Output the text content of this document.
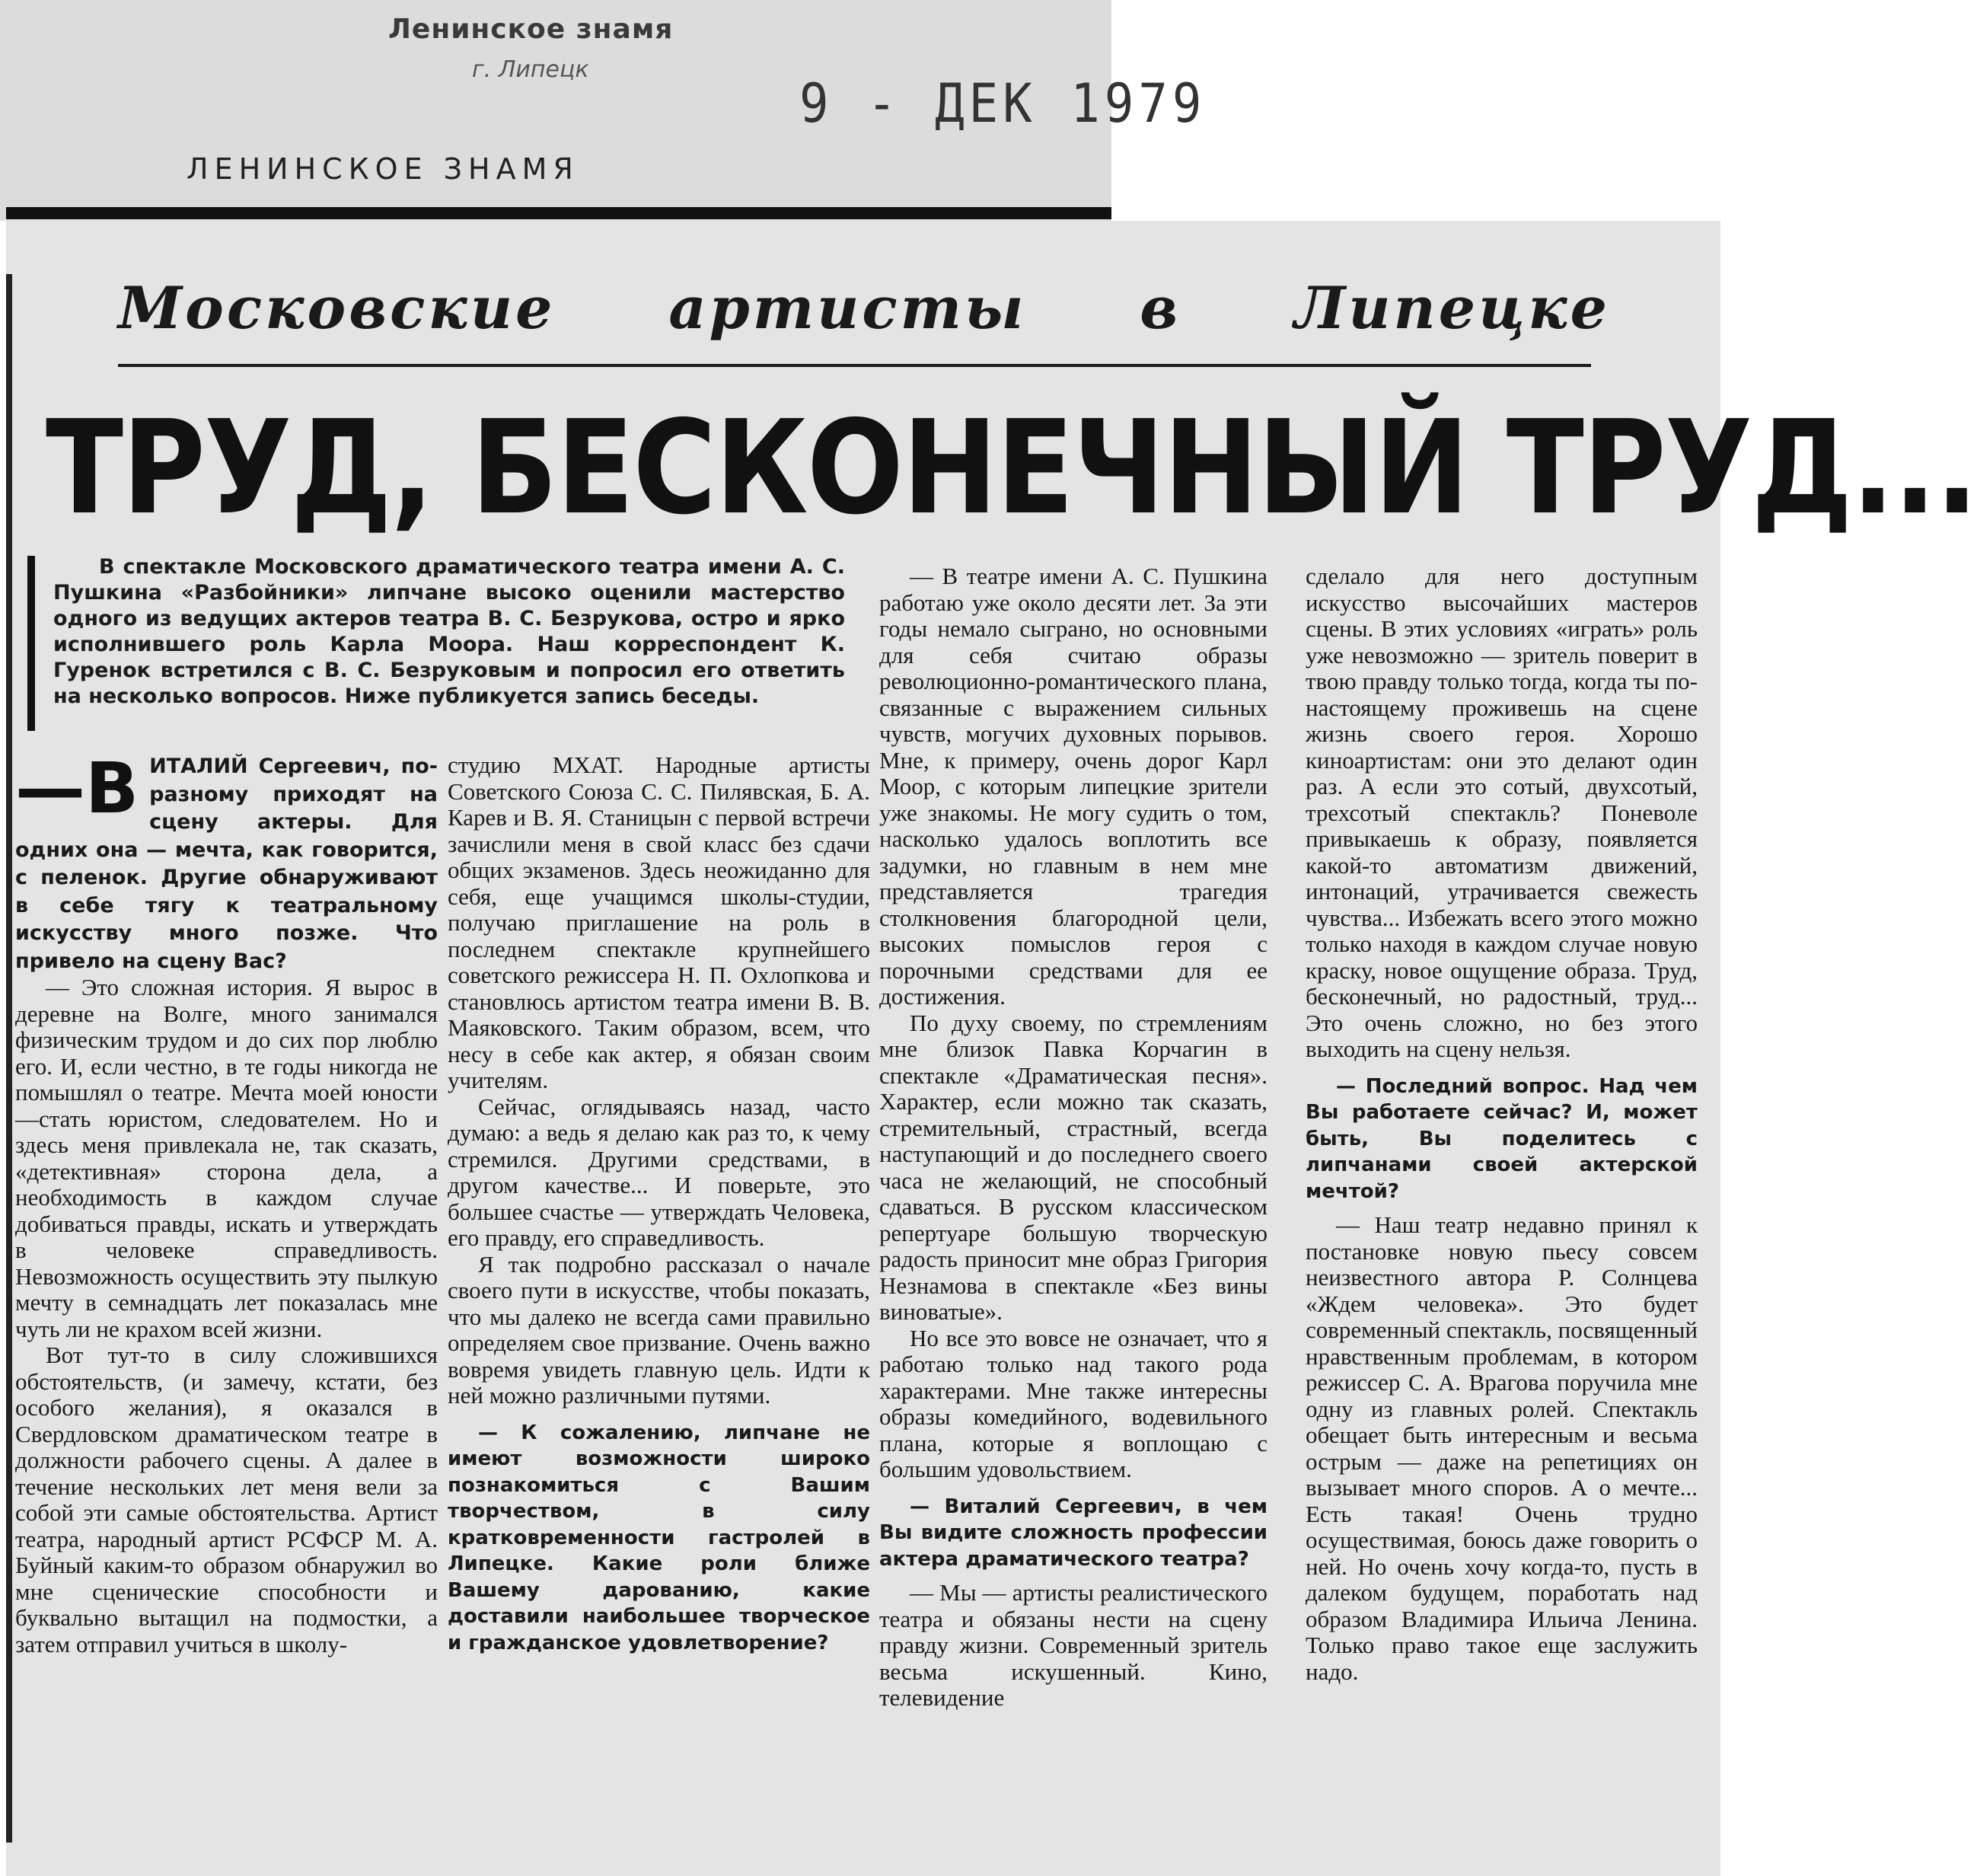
Ленинское знамя
г. Липецк
9 - ДЕК 1979
ЛЕНИНСКОЕ ЗНАМЯ
Московские артисты в Липецке
ТРУД, БЕСКОНЕЧНЫЙ ТРУД...
В спектакле Московского драматического театра имени А. С. Пушкина «Разбойники» липчане высоко оценили мастерство одного из ведущих актеров театра В. С. Безрукова, остро и ярко исполнившего роль Карла Моора. Наш корреспондент К. Гуренок встретился с В. С. Безруковым и попросил его ответить на несколько вопросов. Ниже публикуется запись беседы.

—В ИТАЛИЙ Сергеевич, по-разному приходят на сцену актеры. Для одних она — мечта, как говорится, с пеленок. Другие обнаруживают в себе тягу к театральному искусству много позже. Что привело на сцену Вас?

— Это сложная история. Я вырос в деревне на Волге, много занимался физическим трудом и до сих пор люблю его. И, если честно, в те годы никогда не помышлял о театре. Мечта моей юности—стать юристом, следователем. Но и здесь меня привлекала не, так сказать, «детективная» сторона дела, а необходимость в каждом случае добиваться правды, искать и утверждать в человеке справедливость. Невозможность осуществить эту пылкую мечту в семнадцать лет показалась мне чуть ли не крахом всей жизни.

Вот тут-то в силу сложившихся обстоятельств, (и замечу, кстати, без особого желания), я оказался в Свердловском драматическом театре в должности рабочего сцены. А далее в течение нескольких лет меня вели за собой эти самые обстоятельства. Артист театра, народный артист РСФСР М. А. Буйный каким-то образом обнаружил во мне сценические способности и буквально вытащил на подмостки, а затем отправил учиться в школу-

студию МХАТ. Народные артисты Советского Союза С. С. Пилявская, Б. А. Карев и В. Я. Станицын с первой встречи зачислили меня в свой класс без сдачи общих экзаменов. Здесь неожиданно для себя, еще учащимся школы-студии, получаю приглашение на роль в последнем спектакле крупнейшего советского режиссера Н. П. Охлопкова и становлюсь артистом театра имени В. В. Маяковского. Таким образом, всем, что несу в себе как актер, я обязан своим учителям.

Сейчас, оглядываясь назад, часто думаю: а ведь я делаю как раз то, к чему стремился. Другими средствами, в другом качестве... И поверьте, это большее счастье — утверждать Человека, его правду, его справедливость.

Я так подробно рассказал о начале своего пути в искусстве, чтобы показать, что мы далеко не всегда сами правильно определяем свое призвание. Очень важно вовремя увидеть главную цель. Идти к ней можно различными путями.

— К сожалению, липчане не имеют возможности широко познакомиться с Вашим творчеством, в силу кратковременности гастролей в Липецке. Какие роли ближе Вашему дарованию, какие доставили наибольшее творческое и гражданское удовлетворение?

— В театре имени А. С. Пушкина работаю уже около десяти лет. За эти годы немало сыграно, но основными для себя считаю образы революционно-романтического плана, связанные с выражением сильных чувств, могучих духовных порывов. Мне, к примеру, очень дорог Карл Моор, с которым липецкие зрители уже знакомы. Не могу судить о том, насколько удалось воплотить все задумки, но главным в нем мне представляется трагедия столкновения благородной цели, высоких помыслов героя с порочными средствами для ее достижения.

По духу своему, по стремлениям мне близок Павка Корчагин в спектакле «Драматическая песня». Характер, если можно так сказать, стремительный, страстный, всегда наступающий и до последнего своего часа не желающий, не способный сдаваться. В русском классическом репертуаре большую творческую радость приносит мне образ Григория Незнамова в спектакле «Без вины виноватые».

Но все это вовсе не означает, что я работаю только над такого рода характерами. Мне также интересны образы комедийного, водевильного плана, которые я воплощаю с большим удовольствием.

— Виталий Сергеевич, в чем Вы видите сложность профессии актера драматического театра?

— Мы — артисты реалистического театра и обязаны нести на сцену правду жизни. Современный зритель весьма искушенный. Кино, телевидение

сделало для него доступным искусство высочайших мастеров сцены. В этих условиях «играть» роль уже невозможно — зритель поверит в твою правду только тогда, когда ты по-настоящему проживешь на сцене жизнь своего героя. Хорошо киноартистам: они это делают один раз. А если это сотый, двухсотый, трехсотый спектакль? Поневоле привыкаешь к образу, появляется какой-то автоматизм движений, интонаций, утрачивается свежесть чувства... Избежать всего этого можно только находя в каждом случае новую краску, новое ощущение образа. Труд, бесконечный, но радостный, труд... Это очень сложно, но без этого выходить на сцену нельзя.

— Последний вопрос. Над чем Вы работаете сейчас? И, может быть, Вы поделитесь с липчанами своей актерской мечтой?

— Наш театр недавно принял к постановке новую пьесу совсем неизвестного автора Р. Солнцева «Ждем человека». Это будет современный спектакль, посвященный нравственным проблемам, в котором режиссер С. А. Врагова поручила мне одну из главных ролей. Спектакль обещает быть интересным и весьма острым — даже на репетициях он вызывает много споров. А о мечте... Есть такая! Очень трудно осуществимая, боюсь даже говорить о ней. Но очень хочу когда-то, пусть в далеком будущем, поработать над образом Владимира Ильича Ленина. Только право такое еще заслужить надо.
